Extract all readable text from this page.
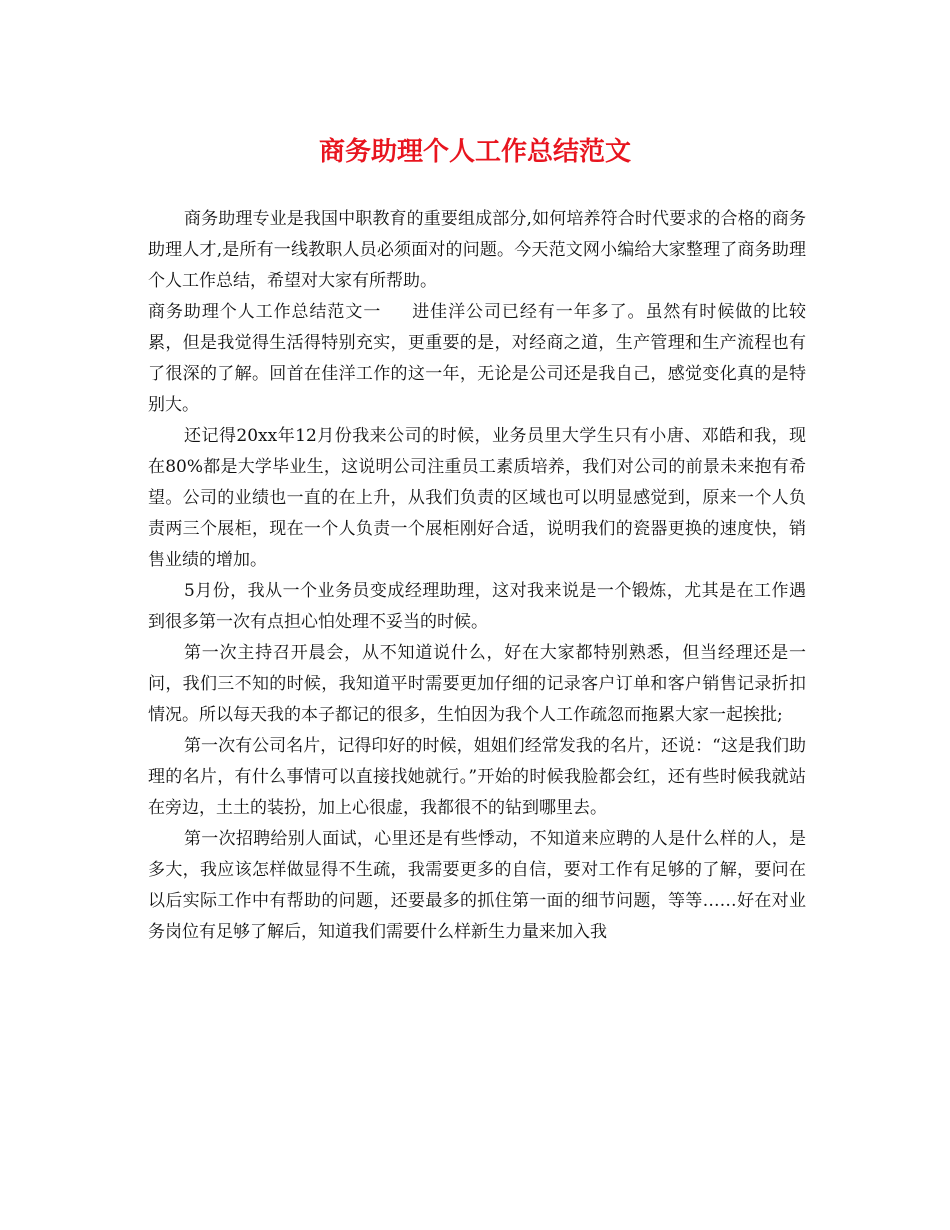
商务助理个人工作总结范文

商务助理专业是我国中职教育的重要组成部分,如何培养符合时代要求的合格的商务助理人才,是所有一线教职人员必须面对的问题。今天范文网小编给大家整理了商务助理个人工作总结，希望对大家有所帮助。

商务助理个人工作总结范文一 进佳洋公司已经有一年多了。虽然有时候做的比较累，但是我觉得生活得特别充实，更重要的是，对经商之道，生产管理和生产流程也有了很深的了解。回首在佳洋工作的这一年，无论是公司还是我自己，感觉变化真的是特别大。

还记得20xx年12月份我来公司的时候，业务员里大学生只有小唐、邓皓和我，现在80%都是大学毕业生，这说明公司注重员工素质培养，我们对公司的前景未来抱有希望。公司的业绩也一直的在上升，从我们负责的区域也可以明显感觉到，原来一个人负责两三个展柜，现在一个人负责一个展柜刚好合适，说明我们的瓷器更换的速度快，销售业绩的增加。

5月份，我从一个业务员变成经理助理，这对我来说是一个锻炼，尤其是在工作遇到很多第一次有点担心怕处理不妥当的时候。

第一次主持召开晨会，从不知道说什么，好在大家都特别熟悉，但当经理还是一问，我们三不知的时候，我知道平时需要更加仔细的记录客户订单和客户销售记录折扣情况。所以每天我的本子都记的很多，生怕因为我个人工作疏忽而拖累大家一起挨批;

第一次有公司名片，记得印好的时候，姐姐们经常发我的名片，还说：“这是我们助理的名片，有什么事情可以直接找她就行。”开始的时候我脸都会红，还有些时候我就站在旁边，土土的装扮，加上心很虚，我都很不的钻到哪里去。

第一次招聘给别人面试，心里还是有些悸动，不知道来应聘的人是什么样的人，是多大，我应该怎样做显得不生疏，我需要更多的自信，要对工作有足够的了解，要问在以后实际工作中有帮助的问题，还要最多的抓住第一面的细节问题，等等……好在对业务岗位有足够了解后，知道我们需要什么样新生力量来加入我
